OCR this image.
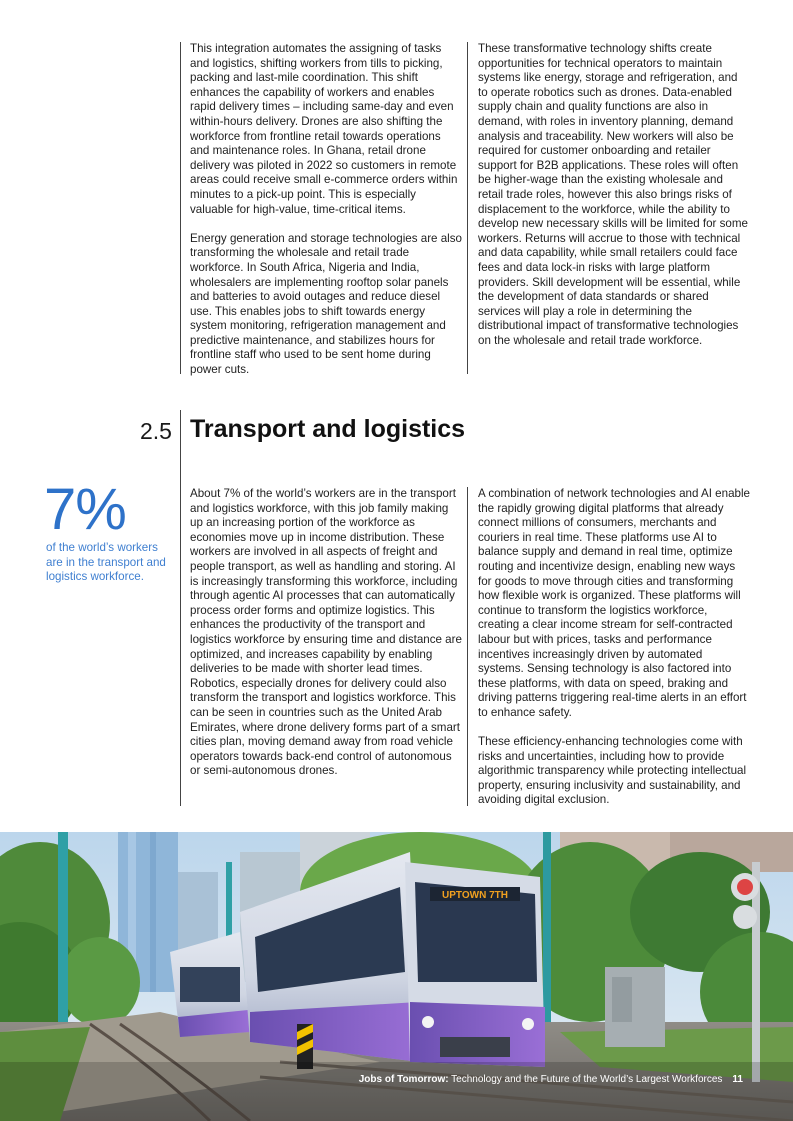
This integration automates the assigning of tasks and logistics, shifting workers from tills to picking, packing and last-mile coordination. This shift enhances the capability of workers and enables rapid delivery times – including same-day and even within-hours delivery. Drones are also shifting the workforce from frontline retail towards operations and maintenance roles. In Ghana, retail drone delivery was piloted in 2022 so customers in remote areas could receive small e-commerce orders within minutes to a pick-up point. This is especially valuable for high-value, time-critical items.

Energy generation and storage technologies are also transforming the wholesale and retail trade workforce. In South Africa, Nigeria and India, wholesalers are implementing rooftop solar panels and batteries to avoid outages and reduce diesel use. This enables jobs to shift towards energy system monitoring, refrigeration management and predictive maintenance, and stabilizes hours for frontline staff who used to be sent home during power cuts.

These transformative technology shifts create opportunities for technical operators to maintain systems like energy, storage and refrigeration, and to operate robotics such as drones. Data-enabled supply chain and quality functions are also in demand, with roles in inventory planning, demand analysis and traceability. New workers will also be required for customer onboarding and retailer support for B2B applications. These roles will often be higher-wage than the existing wholesale and retail trade roles, however this also brings risks of displacement to the workforce, while the ability to develop new necessary skills will be limited for some workers. Returns will accrue to those with technical and data capability, while small retailers could face fees and data lock-in risks with large platform providers. Skill development will be essential, while the development of data standards or shared services will play a role in determining the distributional impact of transformative technologies on the wholesale and retail trade workforce.

2.5 Transport and logistics
7%
of the world’s workers are in the transport and logistics workforce.

About 7% of the world’s workers are in the transport and logistics workforce, with this job family making up an increasing portion of the workforce as economies move up in income distribution. These workers are involved in all aspects of freight and people transport, as well as handling and storing. AI is increasingly transforming this workforce, including through agentic AI processes that can automatically process order forms and optimize logistics. This enhances the productivity of the transport and logistics workforce by ensuring time and distance are optimized, and increases capability by enabling deliveries to be made with shorter lead times. Robotics, especially drones for delivery could also transform the transport and logistics workforce. This can be seen in countries such as the United Arab Emirates, where drone delivery forms part of a smart cities plan, moving demand away from road vehicle operators towards back-end control of autonomous or semi-autonomous drones.

A combination of network technologies and AI enable the rapidly growing digital platforms that already connect millions of consumers, merchants and couriers in real time. These platforms use AI to balance supply and demand in real time, optimize routing and incentivize design, enabling new ways for goods to move through cities and transforming how flexible work is organized. These platforms will continue to transform the logistics workforce, creating a clear income stream for self-contracted labour but with prices, tasks and performance incentives increasingly driven by automated systems. Sensing technology is also factored into these platforms, with data on speed, braking and driving patterns triggering real-time alerts in an effort to enhance safety.

These efficiency-enhancing technologies come with risks and uncertainties, including how to provide algorithmic transparency while protecting intellectual property, ensuring inclusivity and sustainability, and avoiding digital exclusion.

UPTOWN 7TH
Jobs of Tomorrow: Technology and the Future of the World’s Largest Workforces 11
